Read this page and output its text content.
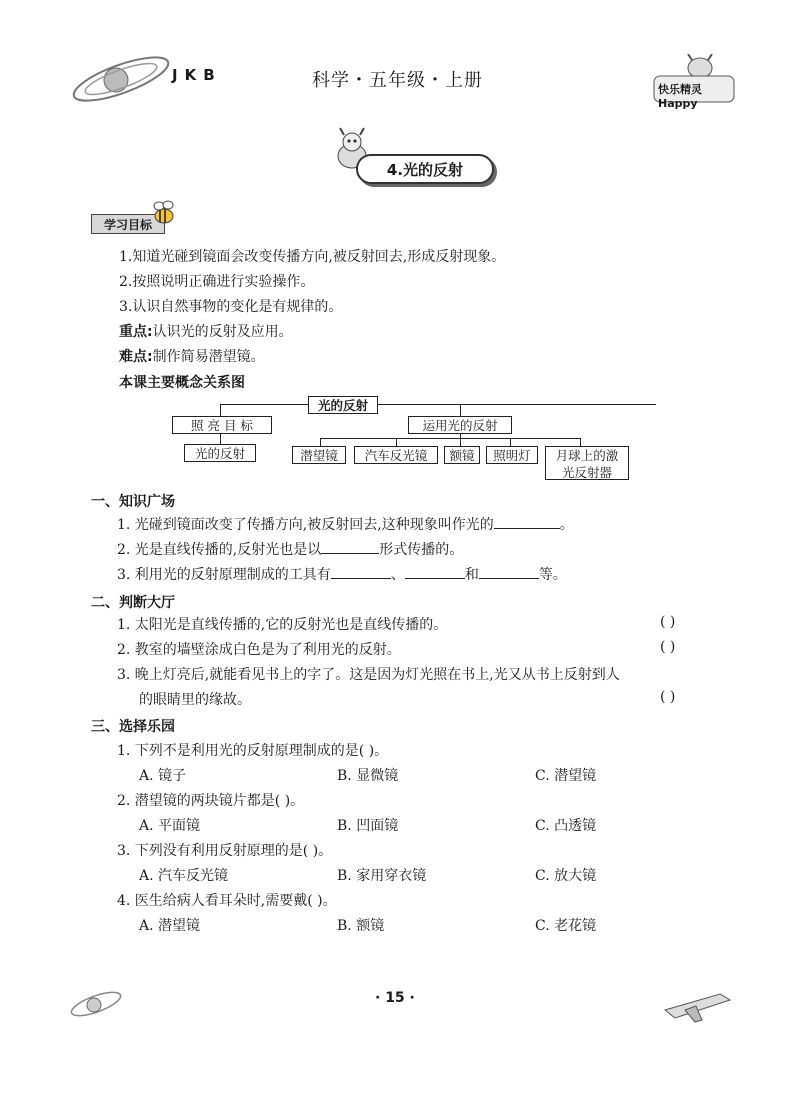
JKB	科学・五年级・上册	快乐精灵 Happy
4.光的反射
学习目标
1.知道光碰到镜面会改变传播方向,被反射回去,形成反射现象。
2.按照说明正确进行实验操作。
3.认识自然事物的变化是有规律的。
重点:认识光的反射及应用。
难点:制作简易潜望镜。
本课主要概念关系图
光的反射
照 亮 目 标
光的反射
运用光的反射
潜望镜	汽车反光镜	额镜	照明灯	月球上的激光反射器
一、知识广场
1. 光碰到镜面改变了传播方向,被反射回去,这种现象叫作光的	。
2. 光是直线传播的,反射光也是以	形式传播的。
3. 利用光的反射原理制成的工具有	、	和	等。
二、判断大厅
1. 太阳光是直线传播的,它的反射光也是直线传播的。	( )
2. 教室的墙壁涂成白色是为了利用光的反射。	( )
3. 晚上灯亮后,就能看见书上的字了。这是因为灯光照在书上,光又从书上反射到人
的眼睛里的缘故。	( )
三、选择乐园
1. 下列不是利用光的反射原理制成的是( )。
A. 镜子	B. 显微镜	C. 潜望镜
2. 潜望镜的两块镜片都是( )。
A. 平面镜	B. 凹面镜	C. 凸透镜
3. 下列没有利用反射原理的是( )。
A. 汽车反光镜	B. 家用穿衣镜	C. 放大镜
4. 医生给病人看耳朵时,需要戴( )。
A. 潜望镜	B. 额镜	C. 老花镜
· 15 ·
